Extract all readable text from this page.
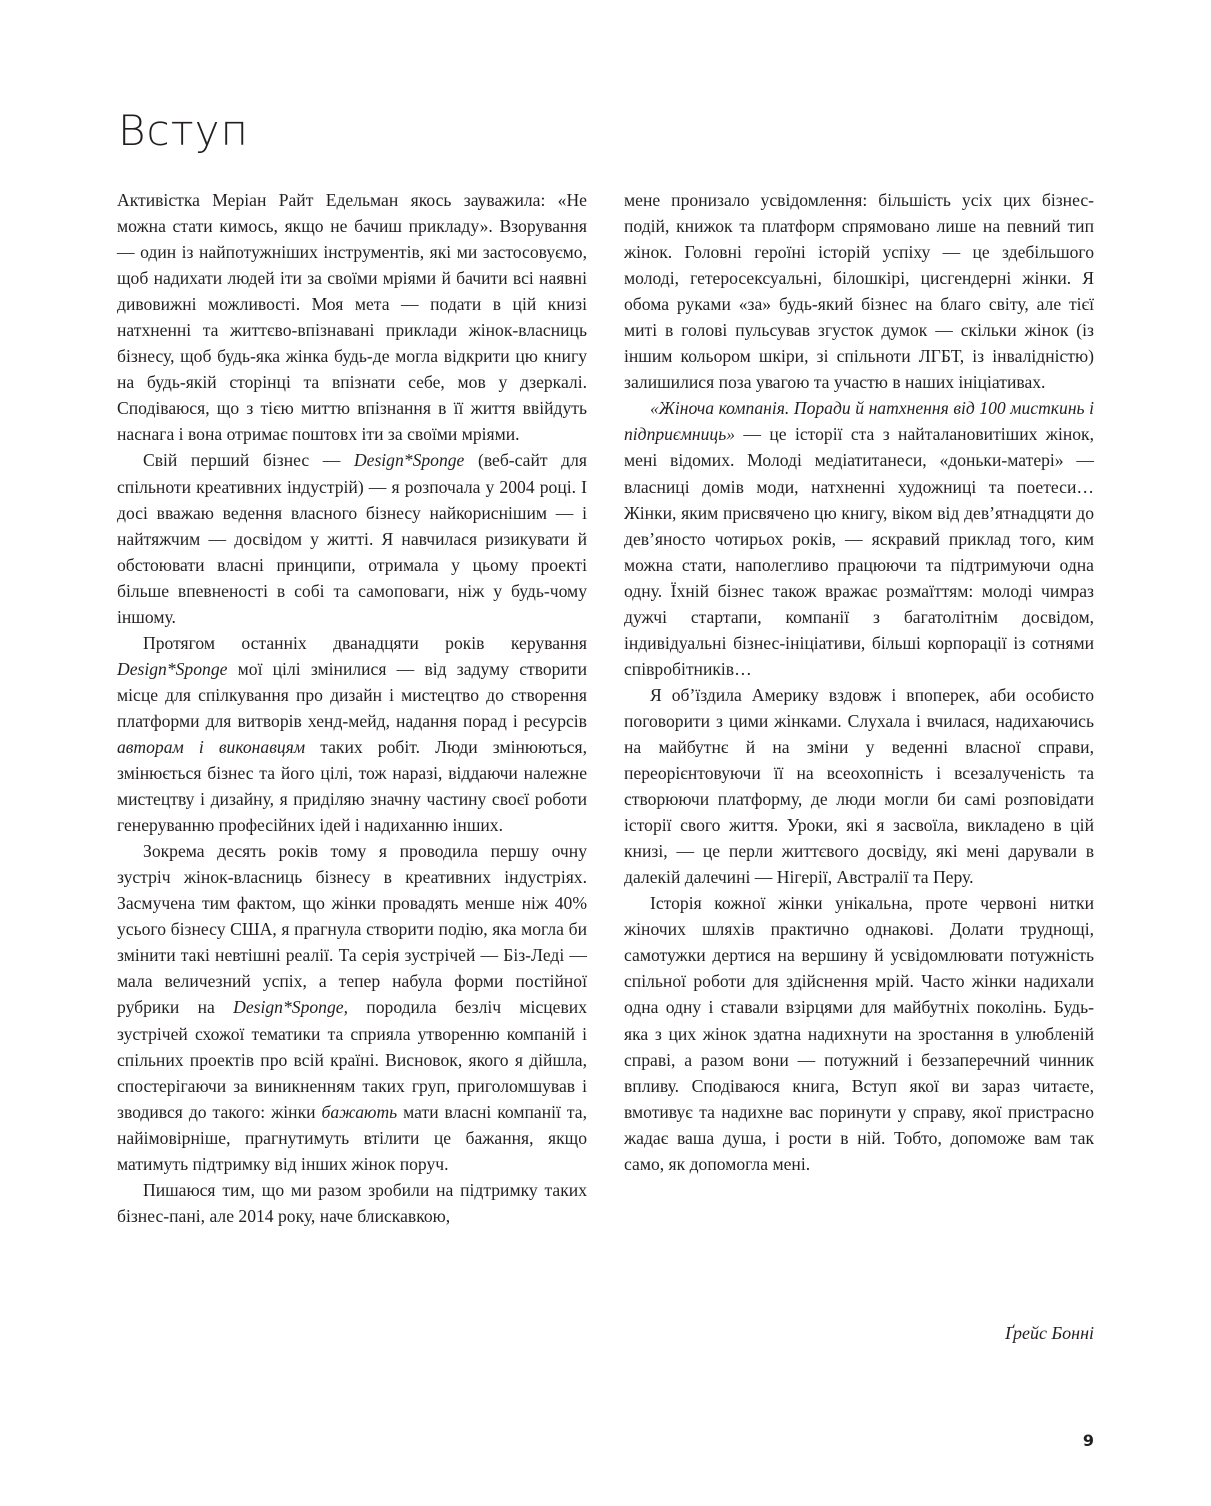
Вступ

Активістка Меріан Райт Едельман якось зауважила: «Не можна стати кимось, якщо не бачиш прикладу». Взорування — один із найпотужніших інструментів, які ми застосовуємо, щоб надихати людей іти за своїми мріями й бачити всі наявні дивовижні можливості. Моя мета — подати в цій книзі натхненні та життєво-впізнавані приклади жінок-власниць бізнесу, щоб будь-яка жінка будь-де могла відкрити цю книгу на будь-якій сторінці та впізнати себе, мов у дзеркалі. Сподіваюся, що з тією миттю впізнання в її життя ввійдуть наснага і вона отримає поштовх іти за своїми мріями.

Свій перший бізнес — Design*Sponge (веб-сайт для спільноти креативних індустрій) — я розпочала у 2004 році. І досі вважаю ведення власного бізнесу найкориснішим — і найтяжчим — досвідом у житті. Я навчилася ризикувати й обстоювати власні принципи, отримала у цьому проекті більше впевненості в собі та самоповаги, ніж у будь-чому іншому.

Протягом останніх дванадцяти років керування Design*Sponge мої цілі змінилися — від задуму створити місце для спілкування про дизайн і мистецтво до створення платформи для витворів хенд-мейд, надання порад і ресурсів авторам і виконавцям таких робіт. Люди змінюються, змінюється бізнес та його цілі, тож наразі, віддаючи належне мистецтву і дизайну, я приділяю значну частину своєї роботи генеруванню професійних ідей і надиханню інших.

Зокрема десять років тому я проводила першу очну зустріч жінок-власниць бізнесу в креативних індустріях. Засмучена тим фактом, що жінки провадять менше ніж 40% усього бізнесу США, я прагнула створити подію, яка могла би змінити такі невтішні реалії. Та серія зустрічей — Біз-Леді — мала величезний успіх, а тепер набула форми постійної рубрики на Design*Sponge, породила безліч місцевих зустрічей схожої тематики та сприяла утворенню компаній і спільних проектів про всій країні. Висновок, якого я дійшла, спостерігаючи за виникненням таких груп, приголомшував і зводився до такого: жінки бажають мати власні компанії та, найімовірніше, прагнутимуть втілити це бажання, якщо матимуть підтримку від інших жінок поруч.

Пишаюся тим, що ми разом зробили на підтримку таких бізнес-пані, але 2014 року, наче блискавкою,

мене пронизало усвідомлення: більшість усіх цих бізнес-подій, книжок та платформ спрямовано лише на певний тип жінок. Головні героїні історій успіху — це здебільшого молоді, гетеросексуальні, білошкірі, цисгендерні жінки. Я обома руками «за» будь-який бізнес на благо світу, але тієї миті в голові пульсував згусток думок — скільки жінок (із іншим кольором шкіри, зі спільноти ЛГБТ, із інвалідністю) залишилися поза увагою та участю в наших ініціативах.

«Жіноча компанія. Поради й натхнення від 100 мисткинь і підприємниць» — це історії ста з найталановитіших жінок, мені відомих. Молоді медіатитанеси, «доньки-матері» — власниці домів моди, натхненні художниці та поетеси… Жінки, яким присвячено цю книгу, віком від дев’ятнадцяти до дев’яносто чотирьох років, — яскравий приклад того, ким можна стати, наполегливо працюючи та підтримуючи одна одну. Їхній бізнес також вражає розмаїттям: молоді чимраз дужчі стартапи, компанії з багатолітнім досвідом, індивідуальні бізнес-ініціативи, більші корпорації із сотнями співробітників…

Я об’їздила Америку вздовж і впоперек, аби особисто поговорити з цими жінками. Слухала і вчилася, надихаючись на майбутнє й на зміни у веденні власної справи, переорієнтовуючи її на всеохопність і всезалученість та створюючи платформу, де люди могли би самі розповідати історії свого життя. Уроки, які я засвоїла, викладено в цій книзі, — це перли життєвого досвіду, які мені дарували в далекій далечині — Нігерії, Австралії та Перу.

Історія кожної жінки унікальна, проте червоні нитки жіночих шляхів практично однакові. Долати труднощі, самотужки дертися на вершину й усвідомлювати потужність спільної роботи для здійснення мрій. Часто жінки надихали одна одну і ставали взірцями для майбутніх поколінь. Будь-яка з цих жінок здатна надихнути на зростання в улюбленій справі, а разом вони — потужний і беззаперечний чинник впливу. Сподіваюся книга, Вступ якої ви зараз читаєте, вмотивує та надихне вас поринути у справу, якої пристрасно жадає ваша душа, і рости в ній. Тобто, допоможе вам так само, як допомогла мені.

Ґрейс Бонні
9
